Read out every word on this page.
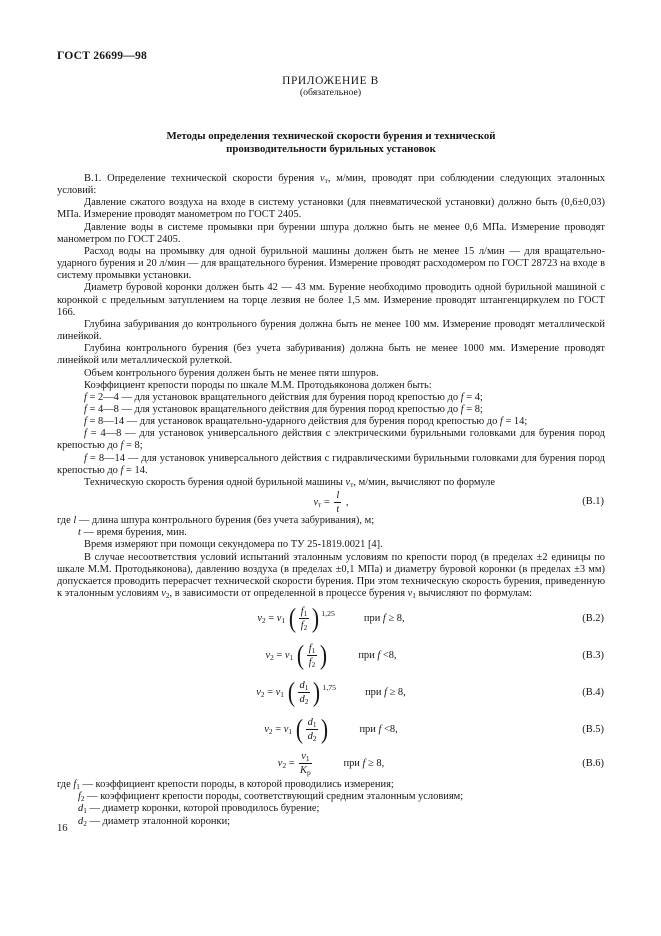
ГОСТ 26699—98
ПРИЛОЖЕНИЕ В
(обязательное)
Методы определения технической скорости бурения и технической
производительности бурильных установок
В.1. Определение технической скорости бурения $v_т$, м/мин, проводят при соблюдении следующих эталонных условий:
Давление сжатого воздуха на входе в систему установки (для пневматической установки) должно быть (0,6±0,03) МПа. Измерение проводят манометром по ГОСТ 2405.
Давление воды в системе промывки при бурении шпура должно быть не менее 0,6 МПа. Измерение проводят манометром по ГОСТ 2405.
Расход воды на промывку для одной бурильной машины должен быть не менее 15 л/мин — для вращательно-ударного бурения и 20 л/мин — для вращательного бурения. Измерение проводят расходомером по ГОСТ 28723 на входе в систему промывки установки.
Диаметр буровой коронки должен быть 42 — 43 мм. Бурение необходимо проводить одной бурильной машиной с коронкой с предельным затуплением на торце лезвия не более 1,5 мм. Измерение проводят штангенциркулем по ГОСТ 166.
Глубина забуривания до контрольного бурения должна быть не менее 100 мм. Измерение проводят металлической линейкой.
Глубина контрольного бурения (без учета забуривания) должна быть не менее 1000 мм. Измерение проводят линейкой или металлической рулеткой.
Объем контрольного бурения должен быть не менее пяти шпуров.
Коэффициент крепости породы по шкале М.М. Протодьяконова должен быть:
f = 2—4 — для установок вращательного действия для бурения пород крепостью до f = 4;
f = 4—8 — для установок вращательного действия для бурения пород крепостью до f = 8;
f = 8—14 — для установок вращательно-ударного действия для бурения пород крепостью до f = 14;
f = 4—8 — для установок универсального действия с электрическими бурильными головками для бурения пород крепостью до f = 8;
f = 8—14 — для установок универсального действия с гидравлическими бурильными головками для бурения пород крепостью до f = 14.
Техническую скорость бурения одной бурильной машины $v_т$, м/мин, вычисляют по формуле
$v_т = \frac{l}{t}$ ,	(В.1)
где l — длина шпура контрольного бурения (без учета забуривания), м;
t — время бурения, мин.
Время измеряют при помощи секундомера по ТУ 25-1819.0021 [4].
В случае несоответствия условий испытаний эталонным условиям по крепости пород (в пределах ±2 единицы по шкале М.М. Протодьяконова), давлению воздуха (в пределах ±0,1 МПа) и диаметру буровой коронки (в пределах ±3 мм) допускается проводить перерасчет технической скорости бурения. При этом техническую скорость бурения, приведенную к эталонным условиям $v_2$, в зависимости от определенной в процессе бурения $v_1$ вычисляют по формулам:
$v_2 = v_1$ ( $\frac{f_1}{f_2}$ ) $^{1,25}$	при f ≥ 8,	(В.2)
$v_2 = v_1$ ( $\frac{f_1}{f_2}$ )	при f <8,	(В.3)
$v_2 = v_1$ ( $\frac{d_1}{d_2}$ ) $^{1,75}$	при f ≥ 8,	(В.4)
$v_2 = v_1$ ( $\frac{d_1}{d_2}$ )	при f <8,	(В.5)
$v_2 = \frac{v_1}{K_р}$	при f ≥ 8,	(В.6)
где $f_1$ — коэффициент крепости породы, в которой проводились измерения;
$f_2$ — коэффициент крепости породы, соответствующий средним эталонным условиям;
$d_1$ — диаметр коронки, которой проводилось бурение;
$d_2$ — диаметр эталонной коронки;
16
